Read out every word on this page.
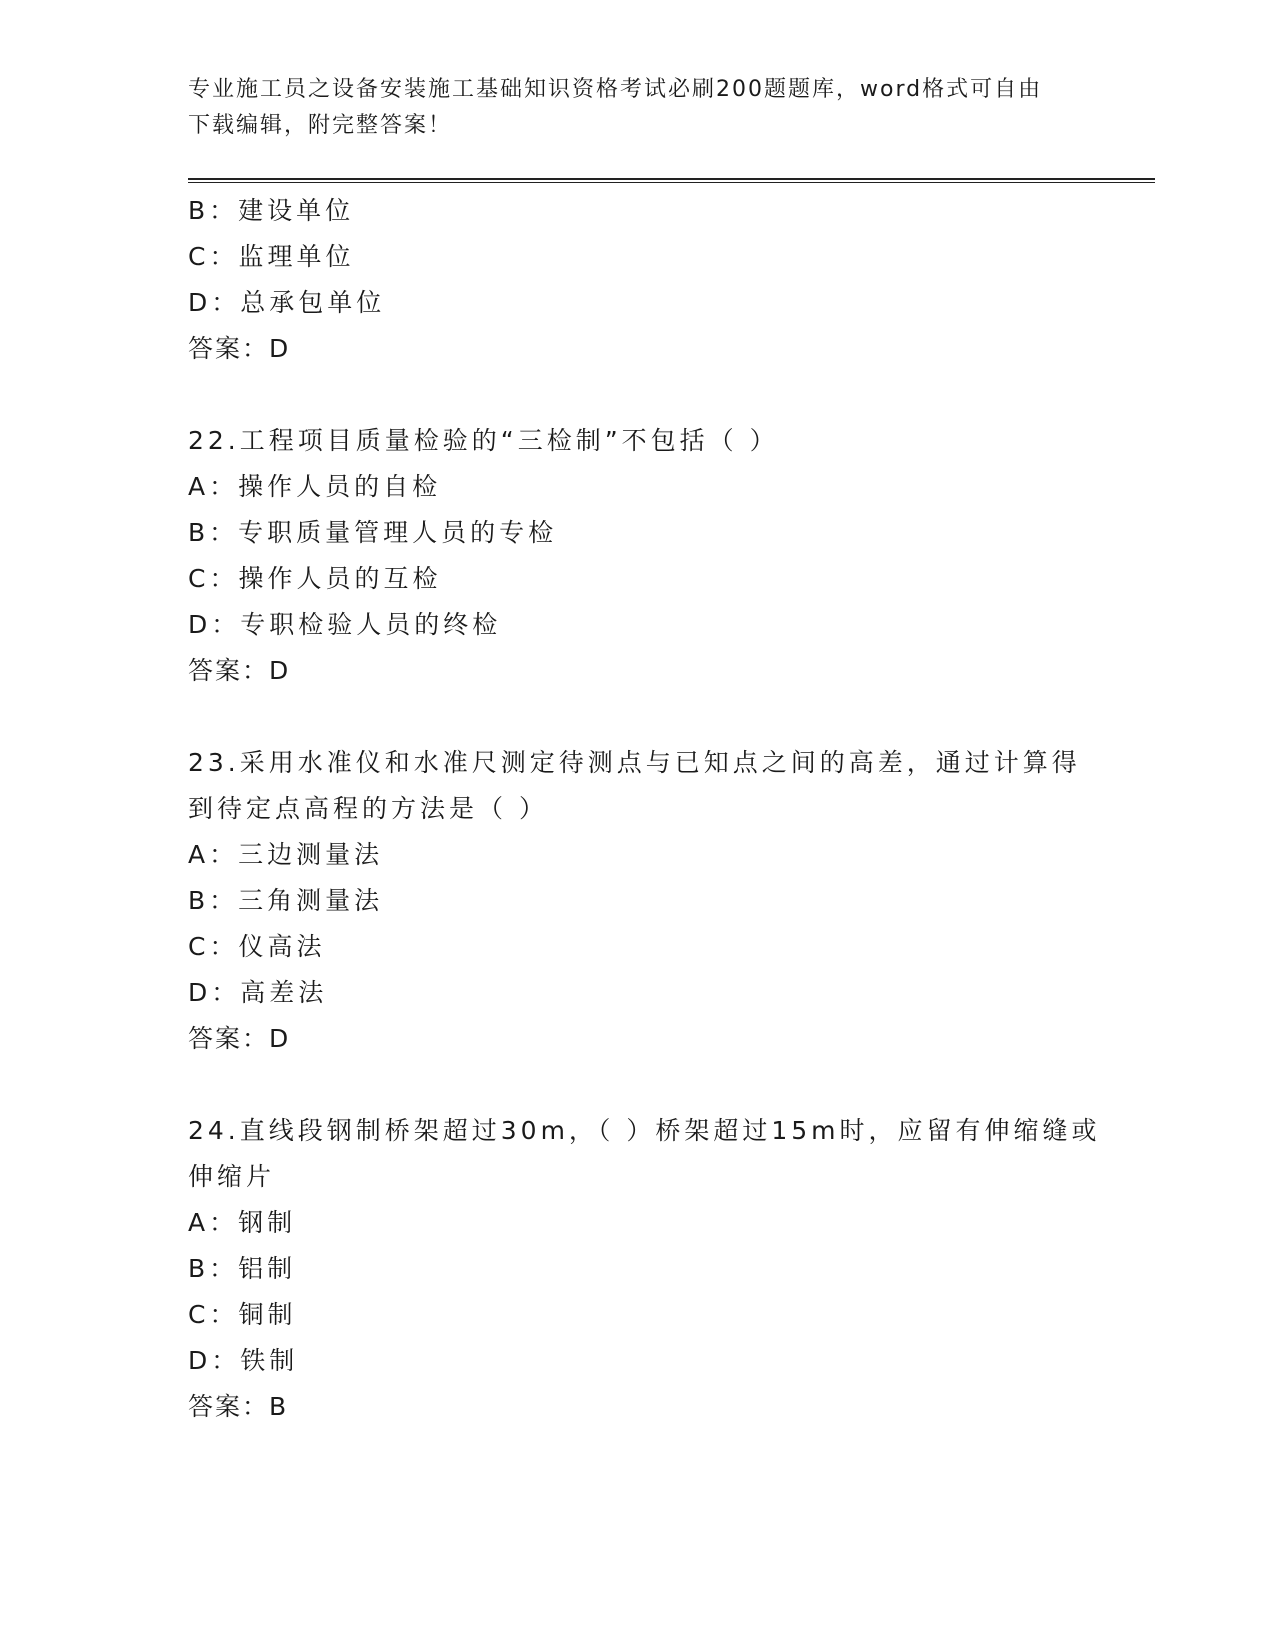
专业施工员之设备安装施工基础知识资格考试必刷200题题库，word格式可自由
下载编辑，附完整答案！
B：建设单位
C：监理单位
D：总承包单位
答案：D
22.工程项目质量检验的“三检制”不包括（ ）
A：操作人员的自检
B：专职质量管理人员的专检
C：操作人员的互检
D：专职检验人员的终检
答案：D
23.采用水准仪和水准尺测定待测点与已知点之间的高差，通过计算得
到待定点高程的方法是（ ）
A：三边测量法
B：三角测量法
C：仪高法
D：高差法
答案：D
24.直线段钢制桥架超过30m，（ ）桥架超过15m时，应留有伸缩缝或
伸缩片
A：钢制
B：铝制
C：铜制
D：铁制
答案：B
